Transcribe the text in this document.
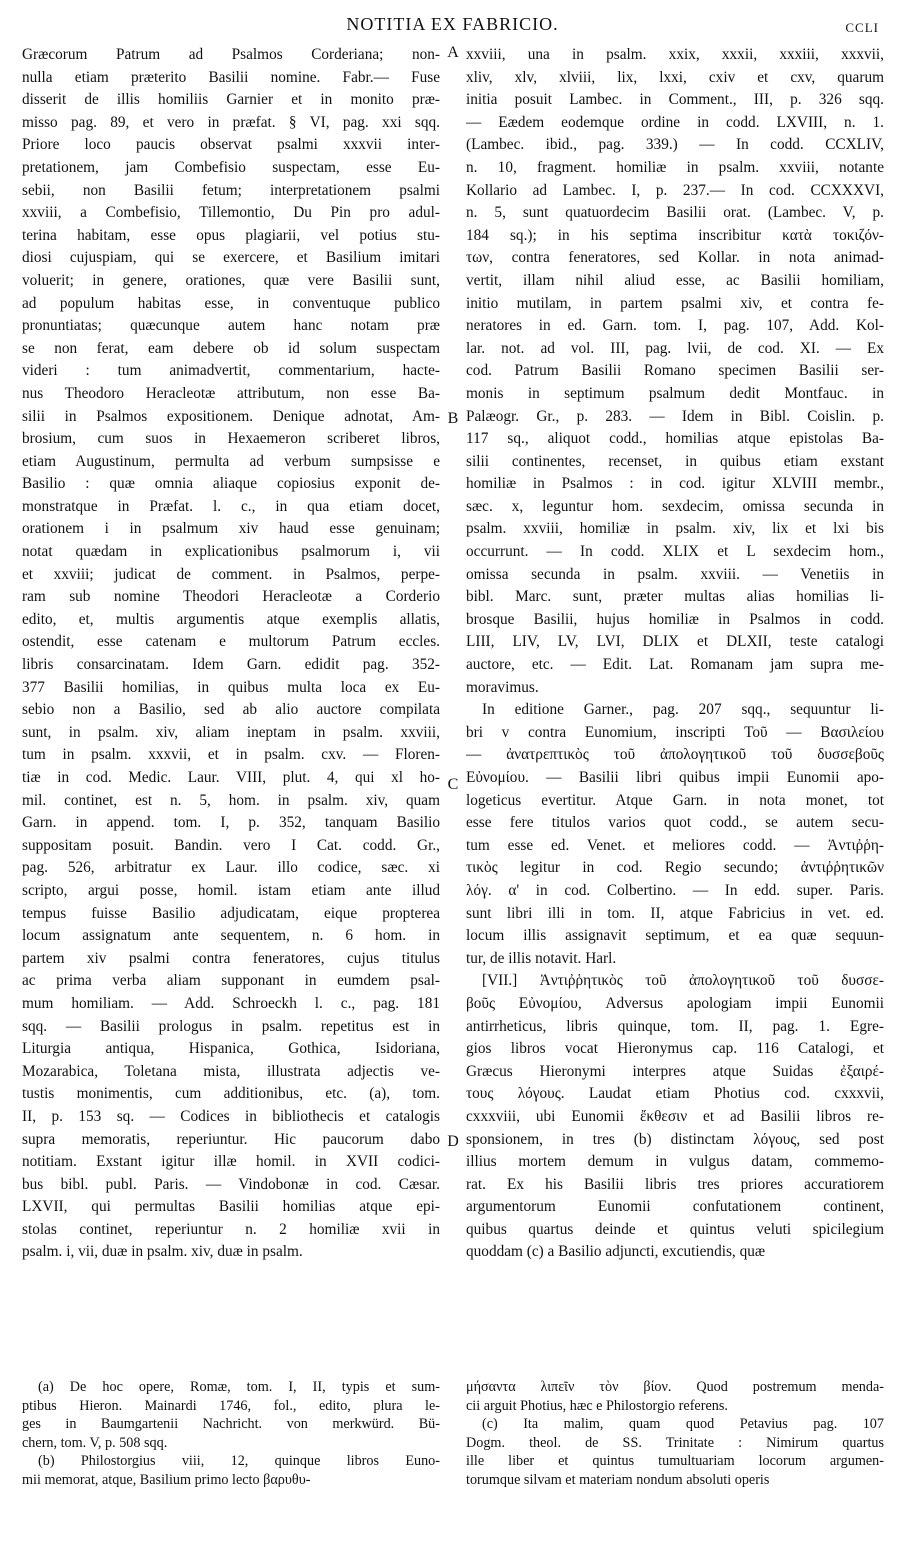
NOTITIA EX FABRICIO.	CCLI
Græcorum Patrum ad Psalmos Corderiana; non-
nulla etiam præterito Basilii nomine. Fabr.— Fuse
disserit de illis homiliis Garnier et in monito præ-
misso pag. 89, et vero in præfat. § VI, pag. xxi sqq.
Priore loco paucis observat psalmi xxxvii inter-
pretationem, jam Combefisio suspectam, esse Eu-
sebii, non Basilii fetum; interpretationem psalmi
xxviii, a Combefisio, Tillemontio, Du Pin pro adul-
terina habitam, esse opus plagiarii, vel potius stu-
diosi cujuspiam, qui se exercere, et Basilium imitari
voluerit; in genere, orationes, quæ vere Basilii sunt,
ad populum habitas esse, in conventuque publico
pronuntiatas; quæcunque autem hanc notam præ
se non ferat, eam debere ob id solum suspectam
videri : tum animadvertit, commentarium, hacte-
nus Theodoro Heracleotæ attributum, non esse Ba-
silii in Psalmos expositionem. Denique adnotat, Am-
brosium, cum suos in Hexaemeron scriberet libros,
etiam Augustinum, permulta ad verbum sumpsisse e
Basilio : quæ omnia aliaque copiosius exponit de-
monstratque in Præfat. l. c., in qua etiam docet,
orationem i in psalmum xiv haud esse genuinam;
notat quædam in explicationibus psalmorum i, vii
et xxviii; judicat de comment. in Psalmos, perpe-
ram sub nomine Theodori Heracleotæ a Corderio
edito, et, multis argumentis atque exemplis allatis,
ostendit, esse catenam e multorum Patrum eccles.
libris consarcinatam. Idem Garn. edidit pag. 352-
377 Basilii homilias, in quibus multa loca ex Eu-
sebio non a Basilio, sed ab alio auctore compilata
sunt, in psalm. xiv, aliam ineptam in psalm. xxviii,
tum in psalm. xxxvii, et in psalm. cxv. — Floren-
tiæ in cod. Medic. Laur. VIII, plut. 4, qui xl ho-
mil. continet, est n. 5, hom. in psalm. xiv, quam
Garn. in append. tom. I, p. 352, tanquam Basilio
suppositam posuit. Bandin. vero I Cat. codd. Gr.,
pag. 526, arbitratur ex Laur. illo codice, sæc. xi
scripto, argui posse, homil. istam etiam ante illud
tempus fuisse Basilio adjudicatam, eique propterea
locum assignatum ante sequentem, n. 6 hom. in
partem xiv psalmi contra feneratores, cujus titulus
ac prima verba aliam supponant in eumdem psal-
mum homiliam. — Add. Schroeckh l. c., pag. 181
sqq. — Basilii prologus in psalm. repetitus est in
Liturgia antiqua, Hispanica, Gothica, Isidoriana,
Mozarabica, Toletana mista, illustrata adjectis ve-
tustis monimentis, cum additionibus, etc. (a), tom.
II, p. 153 sq. — Codices in bibliothecis et catalogis
supra memoratis, reperiuntur. Hic paucorum dabo
notitiam. Exstant igitur illæ homil. in XVII codici-
bus bibl. publ. Paris. — Vindobonæ in cod. Cæsar.
LXVII, qui permultas Basilii homilias atque epi-
stolas continet, reperiuntur n. 2 homiliæ xvii in
psalm. i, vii, duæ in psalm. xiv, duæ in psalm.
xxviii, una in psalm. xxix, xxxii, xxxiii, xxxvii,
xliv, xlv, xlviii, lix, lxxi, cxiv et cxv, quarum
initia posuit Lambec. in Comment., III, p. 326 sqq.
— Eædem eodemque ordine in codd. LXVIII, n. 1.
(Lambec. ibid., pag. 339.) — In codd. CCXLIV,
n. 10, fragment. homiliæ in psalm. xxviii, notante
Kollario ad Lambec. I, p. 237.— In cod. CCXXXVI,
n. 5, sunt quatuordecim Basilii orat. (Lambec. V, p.
184 sq.); in his septima inscribitur κατὰ τοκιζόν-
των, contra feneratores, sed Kollar. in nota animad-
vertit, illam nihil aliud esse, ac Basilii homiliam,
initio mutilam, in partem psalmi xiv, et contra fe-
neratores in ed. Garn. tom. I, pag. 107, Add. Kol-
lar. not. ad vol. III, pag. lvii, de cod. XI. — Ex
cod. Patrum Basilii Romano specimen Basilii ser-
monis in septimum psalmum dedit Montfauc. in
Palæogr. Gr., p. 283. — Idem in Bibl. Coislin. p.
117 sq., aliquot codd., homilias atque epistolas Ba-
silii continentes, recenset, in quibus etiam exstant
homiliæ in Psalmos : in cod. igitur XLVIII membr.,
sæc. x, leguntur hom. sexdecim, omissa secunda in
psalm. xxviii, homiliæ in psalm. xiv, lix et lxi bis
occurrunt. — In codd. XLIX et L sexdecim hom.,
omissa secunda in psalm. xxviii. — Venetiis in
bibl. Marc. sunt, præter multas alias homilias li-
brosque Basilii, hujus homiliæ in Psalmos in codd.
LIII, LIV, LV, LVI, DLIX et DLXII, teste catalogi
auctore, etc. — Edit. Lat. Romanam jam supra me-
moravimus.
In editione Garner., pag. 207 sqq., sequuntur li-
bri v contra Eunomium, inscripti Τοῦ — Βασιλείου
— ἀνατρεπτικὸς τοῦ ἀπολογητικοῦ τοῦ δυσσεβοῦς
Εὐνομίου. — Basilii libri quibus impii Eunomii apo-
logeticus evertitur. Atque Garn. in nota monet, tot
esse fere titulos varios quot codd., se autem secu-
tum esse ed. Venet. et meliores codd. — Ἀντιῤῥη-
τικὸς legitur in cod. Regio secundo; ἀντιῤῥητικῶν
λόγ. α' in cod. Colbertino. — In edd. super. Paris.
sunt libri illi in tom. II, atque Fabricius in vet. ed.
locum illis assignavit septimum, et ea quæ sequun-
tur, de illis notavit. Harl.
[VII.] Ἀντιῤῥητικὸς τοῦ ἀπολογητικοῦ τοῦ δυσσε-
βοῦς Εὐνομίου, Adversus apologiam impii Eunomii
antirrheticus, libris quinque, tom. II, pag. 1. Egre-
gios libros vocat Hieronymus cap. 116 Catalogi, et
Græcus Hieronymi interpres atque Suidas ἐξαιρέ-
τους λόγους. Laudat etiam Photius cod. cxxxvii,
cxxxviii, ubi Eunomii ἔκθεσιν et ad Basilii libros re-
sponsionem, in tres (b) distinctam λόγους, sed post
illius mortem demum in vulgus datam, commemo-
rat. Ex his Basilii libris tres priores accuratiorem
argumentorum Eunomii confutationem continent,
quibus quartus deinde et quintus veluti spicilegium
quoddam (c) a Basilio adjuncti, excutiendis, quæ
A
B
C
D
(a) De hoc opere, Romæ, tom. I, II, typis et sum-
ptibus Hieron. Mainardi 1746, fol., edito, plura le-
ges in Baumgartenii Nachricht. von merkwürd. Bü-
chern, tom. V, p. 508 sqq.
(b) Philostorgius viii, 12, quinque libros Euno-
mii memorat, atque, Basilium primo lecto βαρυθυ-
μήσαντα λιπεῖν τὸν βίον. Quod postremum menda-
cii arguit Photius, hæc e Philostorgio referens.
(c) Ita malim, quam quod Petavius pag. 107
Dogm. theol. de SS. Trinitate : Nimirum quartus
ille liber et quintus tumultuariam locorum argumen-
torumque silvam et materiam nondum absoluti operis
